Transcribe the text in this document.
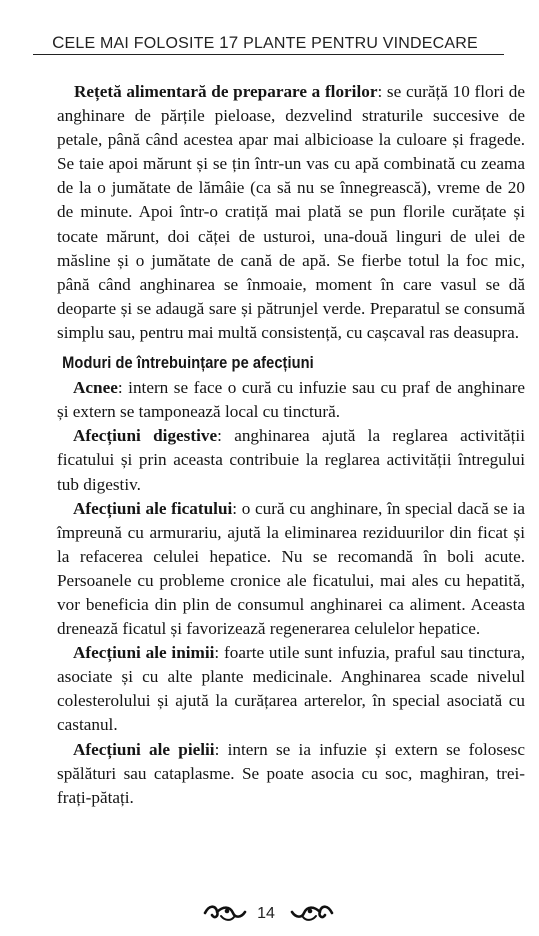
CELE MAI FOLOSITE 17 PLANTE PENTRU VINDECARE

Rețetă alimentară de preparare a florilor: se curăță 10 flori de anghinare de părțile pieloase, dezvelind straturile succesive de petale, până când acestea apar mai albicioase la culoare și fragede. Se taie apoi mărunt și se țin într-un vas cu apă combinată cu zeama de la o jumătate de lămâie (ca să nu se înnegrească), vreme de 20 de minute. Apoi într-o cratiță mai plată se pun florile curățate și tocate mărunt, doi căței de usturoi, una-două linguri de ulei de măsline și o jumătate de cană de apă. Se fierbe totul la foc mic, până când anghinarea se înmoaie, moment în care vasul se dă deoparte și se adaugă sare și pătrunjel verde. Preparatul se consumă simplu sau, pentru mai multă consistență, cu cașcaval ras deasupra.

Moduri de întrebuințare pe afecțiuni

Acnee: intern se face o cură cu infuzie sau cu praf de anghinare și extern se tamponează local cu tinctură.

Afecțiuni digestive: anghinarea ajută la reglarea activității ficatului și prin aceasta contribuie la reglarea activității întregului tub digestiv.

Afecțiuni ale ficatului: o cură cu anghinare, în special dacă se ia împreună cu armurariu, ajută la eliminarea reziduurilor din ficat și la refacerea celulei hepatice. Nu se recomandă în boli acute. Persoanele cu probleme cronice ale ficatului, mai ales cu hepatită, vor beneficia din plin de consumul anghinarei ca aliment. Aceasta drenează ficatul și favorizează regenerarea celulelor hepatice.

Afecțiuni ale inimii: foarte utile sunt infuzia, praful sau tinctura, asociate și cu alte plante medicinale. Anghinarea scade nivelul colesterolului și ajută la curățarea arterelor, în special asociată cu castanul.

Afecțiuni ale pielii: intern se ia infuzie și extern se folosesc spălături sau cataplasme. Se poate asocia cu soc, maghiran, trei-frați-pătați.

14
